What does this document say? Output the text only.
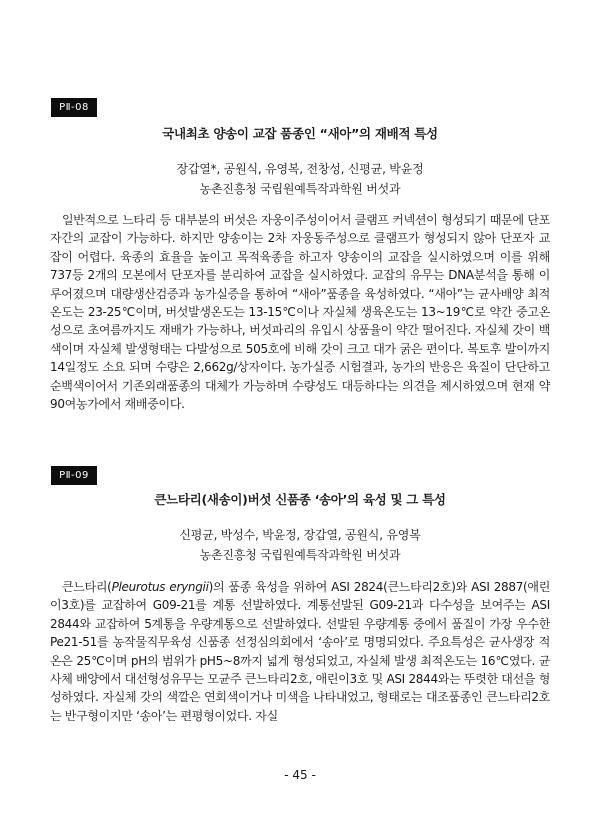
PⅡ-08
국내최초 양송이 교잡 품종인 “새아”의 재배적 특성
장갑열*, 공원식, 유영복, 전창성, 신평균, 박윤정
농촌진흥청 국립원예특작과학원 버섯과

일반적으로 느타리 등 대부분의 버섯은 자웅이주성이어서 클램프 커넥션이 형성되기 때문에 단포자간의 교잡이 가능하다. 하지만 양송이는 2차 자웅동주성으로 클램프가 형성되지 않아 단포자 교잡이 어렵다. 육종의 효율을 높이고 목적육종을 하고자 양송이의 교잡을 실시하였으며 이를 위해 737등 2개의 모본에서 단포자를 분리하여 교잡을 실시하였다. 교잡의 유무는 DNA분석을 통해 이루어졌으며 대량생산검증과 농가실증을 통하여 “새아”품종을 육성하였다. “새아”는 균사배양 최적온도는 23-25℃이며, 버섯발생온도는 13-15℃이나 자실체 생육온도는 13~19℃로 약간 중고온성으로 초여름까지도 재배가 가능하나, 버섯파리의 유입시 상품율이 약간 떨어진다. 자실체 갓이 백색이며 자실체 발생형태는 다발성으로 505호에 비해 갓이 크고 대가 굵은 편이다. 복토후 발이까지 14일정도 소요 되며 수량은 2,662g/상자이다. 농가실증 시험결과, 농가의 반응은 육질이 단단하고 순백색이어서 기존외래품종의 대체가 가능하며 수량성도 대등하다는 의견을 제시하였으며 현재 약 90여농가에서 재배중이다.

PⅡ-09
큰느타리(새송이)버섯 신품종 ‘송아’의 육성 및 그 특성
신평균, 박성수, 박윤정, 장갑열, 공원식, 유영복
농촌진흥청 국립원예특작과학원 버섯과

큰느타리(Pleurotus eryngii)의 품종 육성을 위하여 ASI 2824(큰느타리2호)와 ASI 2887(애린이3호)를 교잡하여 G09-21를 계통 선발하였다. 계통선발된 G09-21과 다수성을 보여주는 ASI 2844와 교잡하여 5계통을 우량계통으로 선발하였다. 선발된 우량계통 중에서 품질이 가장 우수한 Pe21-51를 농작물직무육성 신품종 선정심의회에서 ‘송아’로 명명되었다. 주요특성은 균사생장 적온은 25℃이며 pH의 범위가 pH5~8까지 넓게 형성되었고, 자실체 발생 최적온도는 16℃였다. 균사체 배양에서 대선형성유무는 모균주 큰느타리2호, 애린이3호 및 ASI 2844와는 뚜렷한 대선을 형성하였다. 자실체 갓의 색깔은 연회색이거나 미색을 나타내었고, 형태로는 대조품종인 큰느타리2호는 반구형이지만 ‘송아’는 편평형이었다. 자실

- 45 -
